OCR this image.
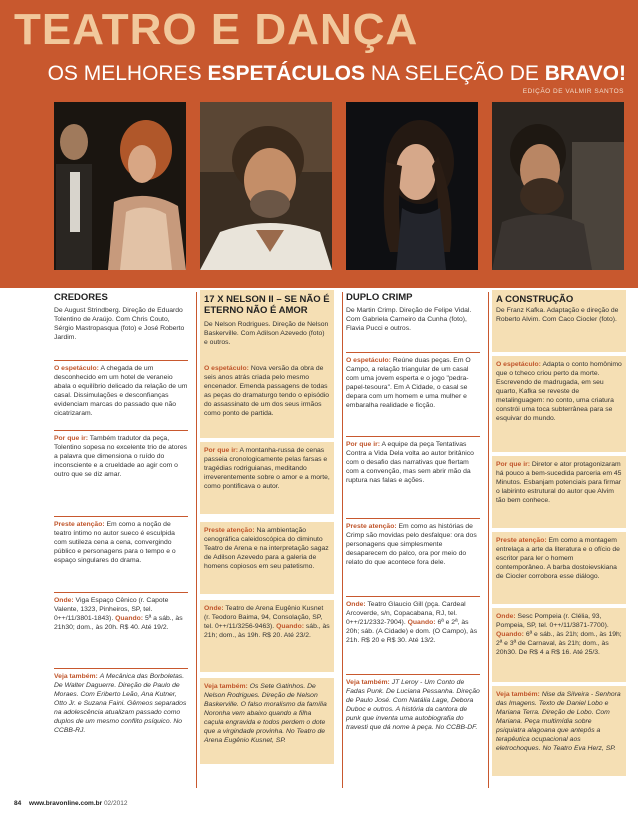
TEATRO E DANÇA
OS MELHORES ESPETÁCULOS NA SELEÇÃO DE BRAVO!
EDIÇÃO DE VALMIR SANTOS
CREDORES
De August Strindberg. Direção de Eduardo Tolentino de Araújo. Com Chris Couto, Sérgio Mastropasqua (foto) e José Roberto Jardim.
O espetáculo: A chegada de um desconhecido em um hotel de veraneio abala o equilíbrio delicado da relação de um casal. Dissimulações e desconfianças evidenciam marcas do passado que não cicatrizaram.
Por que ir: Também tradutor da peça, Tolentino sopesa no excelente trio de atores a palavra que dimensiona o ruído do inconsciente e a crueldade ao agir com o outro que se diz amar.
Preste atenção: Em como a noção de teatro íntimo no autor sueco é esculpida com sutileza cena a cena, convergindo público e personagens para o tempo e o espaço singulares do drama.
Onde: Viga Espaço Cênico (r. Capote Valente, 1323, Pinheiros, SP, tel. 0++/11/3801-1843). Quando: 5ª a sáb., às 21h30; dom., às 20h. R$ 40. Até 19/2.
Veja também: A Mecânica das Borboletas. De Walter Daguerre. Direção de Paulo de Moraes. Com Eriberto Leão, Ana Kutner, Otto Jr. e Suzana Faini. Gêmeos separados na adolescência atualizam passado como duplos de um mesmo conflito psíquico. No CCBB-RJ.
17 X NELSON II – SE NÃO É ETERNO NÃO É AMOR
De Nelson Rodrigues. Direção de Nelson Baskerville. Com Adilson Azevedo (foto) e outros.
O espetáculo: Nova versão da obra de seis anos atrás criada pelo mesmo encenador. Emenda passagens de todas as peças do dramaturgo tendo o episódio do assassinato de um dos seus irmãos como ponto de partida.
Por que ir: A montanha-russa de cenas passeia cronologicamente pelas farsas e tragédias rodriguianas, meditando irreverentemente sobre o amor e a morte, como pontificava o autor.
Preste atenção: Na ambientação cenográfica caleidoscópica do diminuto Teatro de Arena e na interpretação sagaz de Adilson Azevedo para a galeria de homens copiosos em seu patetismo.
Onde: Teatro de Arena Eugênio Kusnet (r. Teodoro Baima, 94, Consolação, SP, tel. 0++/11/3256-9463). Quando: sáb., às 21h; dom., às 19h. R$ 20. Até 23/2.
Veja também: Os Sete Gatinhos. De Nelson Rodrigues. Direção de Nelson Baskerville. O falso moralismo da família Noronha vem abaixo quando a filha caçula engravida e todos perdem o dote que a virgindade provinha. No Teatro de Arena Eugênio Kusnet, SP.
DUPLO CRIMP
De Martin Crimp. Direção de Felipe Vidal. Com Gabriela Carneiro da Cunha (foto), Flavia Pucci e outros.
O espetáculo: Reúne duas peças. Em O Campo, a relação triangular de um casal com uma jovem esperta e o jogo "pedra-papel-tesoura". Em A Cidade, o casal se depara com um homem e uma mulher e embaralha realidade e ficção.
Por que ir: A equipe da peça Tentativas Contra a Vida Dela volta ao autor britânico com o desafio das narrativas que flertam com a convenção, mas sem abrir mão da ruptura nas falas e ações.
Preste atenção: Em como as histórias de Crimp são movidas pelo desfalque: ora dos personagens que simplesmente desaparecem do palco, ora por meio do relato do que acontece fora dele.
Onde: Teatro Glaucio Gill (pça. Cardeal Arcoverde, s/n, Copacabana, RJ, tel. 0++/21/2332-7904). Quando: 6ª e 2ª, às 20h; sáb. (A Cidade) e dom. (O Campo), às 21h. R$ 20 e R$ 30. Até 13/2.
Veja também: JT Leroy - Um Conto de Fadas Punk. De Luciana Pessanha. Direção de Paulo José. Com Natália Lage, Debora Duboc e outros. A história da cantora de punk que inventa uma autobiografia do travesti que dá nome à peça. No CCBB-DF.
A CONSTRUÇÃO
De Franz Kafka. Adaptação e direção de Roberto Alvim. Com Caco Ciocler (foto).
O espetáculo: Adapta o conto homônimo que o tcheco criou perto da morte. Escrevendo de madrugada, em seu quarto, Kafka se reveste de metalinguagem: no conto, uma criatura constrói uma toca subterrânea para se esquivar do mundo.
Por que ir: Diretor e ator protagonizaram há pouco a bem-sucedida parceria em 45 Minutos. Esbanjam potenciais para firmar o labirinto estrutural do autor que Alvim tão bem conhece.
Preste atenção: Em como a montagem entrelaça a arte da literatura e o ofício de escritor para ler o homem contemporâneo. A barba dostoievskiana de Ciocler corrobora esse diálogo.
Onde: Sesc Pompeia (r. Clélia, 93, Pompeia, SP, tel. 0++/11/3871-7700). Quando: 6ª e sáb., às 21h; dom., às 19h; 2ª e 3ª de Carnaval, às 21h; dom., às 20h30. De R$ 4 a R$ 16. Até 25/3.
Veja também: Nise da Silveira - Senhora das Imagens. Texto de Daniel Lobo e Mariana Terra. Direção de Lobo. Com Mariana. Peça multimídia sobre psiquiatra alagoana que antepôs a terapêutica ocupacional aos eletrochoques. No Teatro Eva Herz, SP.
84 www.bravonline.com.br 02/2012
